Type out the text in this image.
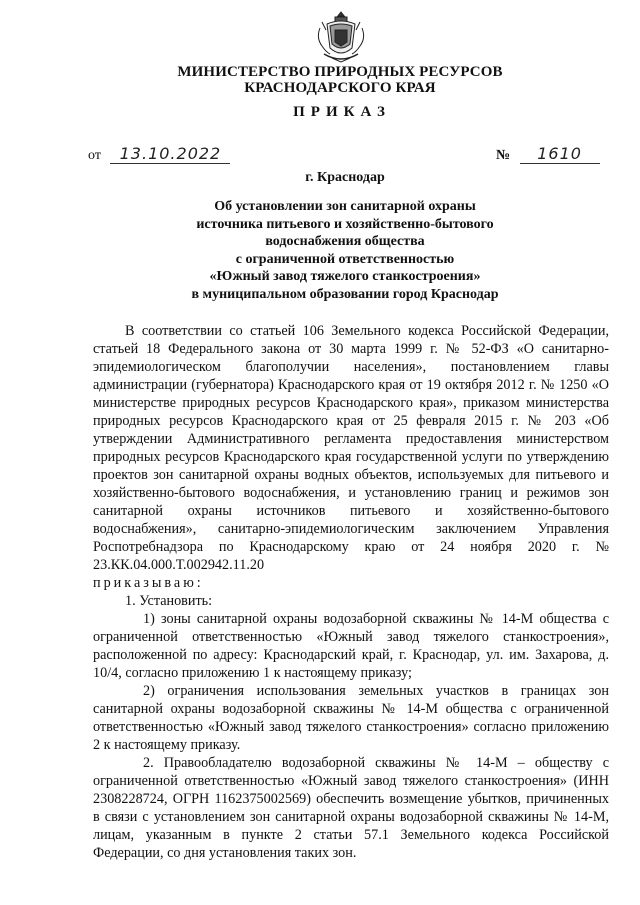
МИНИСТЕРСТВО ПРИРОДНЫХ РЕСУРСОВ
КРАСНОДАРСКОГО КРАЯ
ПРИКАЗ
от 13.10.2022	№ 1610
г. Краснодар
Об установлении зон санитарной охраны
источника питьевого и хозяйственно-бытового
водоснабжения общества
с ограниченной ответственностью
«Южный завод тяжелого станкостроения»
в муниципальном образовании город Краснодар
В соответствии со статьей 106 Земельного кодекса Российской Федерации, статьей 18 Федерального закона от 30 марта 1999 г. № 52-ФЗ «О санитарно-эпидемиологическом благополучии населения», постановлением главы администрации (губернатора) Краснодарского края от 19 октября 2012 г. № 1250 «О министерстве природных ресурсов Краснодарского края», приказом министерства природных ресурсов Краснодарского края от 25 февраля 2015 г. № 203 «Об утверждении Административного регламента предоставления министерством природных ресурсов Краснодарского края государственной услуги по утверждению проектов зон санитарной охраны водных объектов, используемых для питьевого и хозяйственно-бытового водоснабжения, и установлению границ и режимов зон санитарной охраны источников питьевого и хозяйственно-бытового водоснабжения», санитарно-эпидемиологическим заключением Управления Роспотребнадзора по Краснодарскому краю от 24 ноября 2020 г. № 23.КК.04.000.Т.002942.11.20
приказываю:
1. Установить:
1) зоны санитарной охраны водозаборной скважины № 14-М общества с ограниченной ответственностью «Южный завод тяжелого станкостроения», расположенной по адресу: Краснодарский край, г. Краснодар, ул. им. Захарова, д. 10/4, согласно приложению 1 к настоящему приказу;
2) ограничения использования земельных участков в границах зон санитарной охраны водозаборной скважины № 14-М общества с ограниченной ответственностью «Южный завод тяжелого станкостроения» согласно приложению 2 к настоящему приказу.
2. Правообладателю водозаборной скважины № 14-М – обществу с ограниченной ответственностью «Южный завод тяжелого станкостроения» (ИНН 2308228724, ОГРН 1162375002569) обеспечить возмещение убытков, причиненных в связи с установлением зон санитарной охраны водозаборной скважины № 14-М, лицам, указанным в пункте 2 статьи 57.1 Земельного кодекса Российской Федерации, со дня установления таких зон.
